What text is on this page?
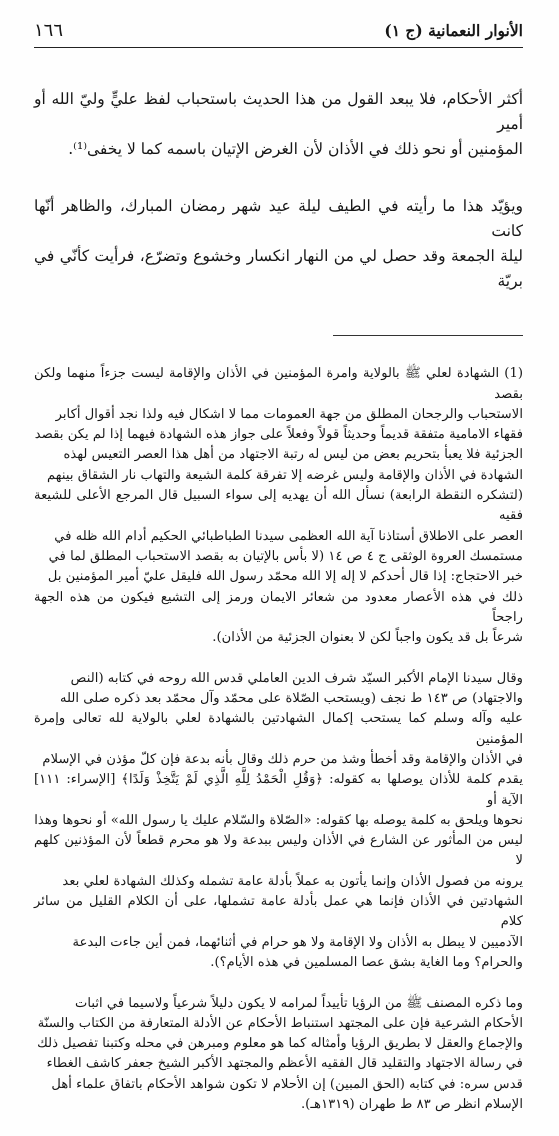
الأنوار النعمانية (ج ١)
١٦٦

أكثر الأحكام، فلا يبعد القول من هذا الحديث باستحباب لفظ عليٍّ وليّ الله أو أمير
المؤمنين أو نحو ذلك في الأذان لأن الغرض الإتيان باسمه كما لا يخفى⁽¹⁾.

ويؤيّد هذا ما رأيته في الطيف ليلة عيد شهر رمضان المبارك، والظاهر أنّها كانت
ليلة الجمعة وقد حصل لي من النهار انكسار وخشوع وتضرّع، فرأيت كأنّي في بريّة

(1) الشهادة لعلي ﷺ بالولاية وامرة المؤمنين في الأذان والإقامة ليست جزءاً منهما ولكن بقصد
الاستحباب والرجحان المطلق من جهة العمومات مما لا اشكال فيه ولذا نجد أقوال أكابر
فقهاء الامامية متفقة قديماً وحديثاً قولاً وفعلاً على جواز هذه الشهادة فيهما إذا لم يكن بقصد
الجزئية فلا يعبأ بتحريم بعض من ليس له رتبة الاجتهاد من أهل هذا العصر التعيس لهذه
الشهادة في الأذان والإقامة وليس غرضه إلا تفرقة كلمة الشيعة والتهاب نار الشقاق بينهم
(لتشكره النقطة الرابعة) نسأل الله أن يهديه إلى سواء السبيل قال المرجع الأعلى للشيعة فقيه
العصر على الاطلاق أستاذنا آية الله العظمى سيدنا الطباطبائي الحكيم أدام الله ظله في
مستمسك العروة الوثقى ج ٤ ص ١٤ (لا بأس بالإتيان به بقصد الاستحباب المطلق لما في
خبر الاحتجاج: إذا قال أحدكم لا إله إلا الله محمّد رسول الله فليقل عليّ أمير المؤمنين بل
ذلك في هذه الأعصار معدود من شعائر الايمان ورمز إلى التشيع فيكون من هذه الجهة راجحاً
شرعاً بل قد يكون واجباً لكن لا بعنوان الجزئية من الأذان).

وقال سيدنا الإمام الأكبر السيّد شرف الدين العاملي قدس الله روحه في كتابه (النص
والاجتهاد) ص ١٤٣ ط نجف (ويستحب الصّلاة على محمّد وآل محمّد بعد ذكره صلى الله
عليه وآله وسلم كما يستحب إكمال الشهادتين بالشهادة لعلي بالولاية لله تعالى وإمرة المؤمنين
في الأذان والإقامة وقد أخطأ وشذ من حرم ذلك وقال بأنه بدعة فإن كلّ مؤذن في الإسلام
يقدم كلمة للأذان يوصلها به كقوله: ﴿وَقُلِ الْحَمْدُ لِلَّهِ الَّذِي لَمْ يَتَّخِذْ وَلَدًا﴾ [الإسراء: ١١١] الآية أو
نحوها ويلحق به كلمة يوصله بها كقوله: «الصّلاة والسّلام عليك يا رسول الله» أو نحوها وهذا
ليس من المأثور عن الشارع في الأذان وليس ببدعة ولا هو محرم قطعاً لأن المؤذنين كلهم لا
يرونه من فصول الأذان وإنما يأتون به عملاً بأدلة عامة تشمله وكذلك الشهادة لعلي بعد
الشهادتين في الأذان فإنما هي عمل بأدلة عامة تشملها، على أن الكلام القليل من سائر كلام
الآدميين لا يبطل به الأذان ولا الإقامة ولا هو حرام في أثنائهما، فمن أين جاءت البدعة
والحرام؟ وما الغاية بشق عصا المسلمين في هذه الأيام؟).

وما ذكره المصنف ﷺ من الرؤيا تأييداً لمرامه لا يكون دليلاً شرعياً ولاسيما في اثبات
الأحكام الشرعية فإن على المجتهد استنباط الأحكام عن الأدلة المتعارفة من الكتاب والسنّة
والإجماع والعقل لا بطريق الرؤيا وأمثاله كما هو معلوم ومبرهن في محله وكتبنا تفصيل ذلك
في رسالة الاجتهاد والتقليد قال الفقيه الأعظم والمجتهد الأكبر الشيخ جعفر كاشف الغطاء
قدس سره: في كتابه (الحق المبين) إن الأحلام لا تكون شواهد الأحكام باتفاق علماء أهل
الإسلام انظر ص ٨٣ ط طهران (١٣١٩هـ).
